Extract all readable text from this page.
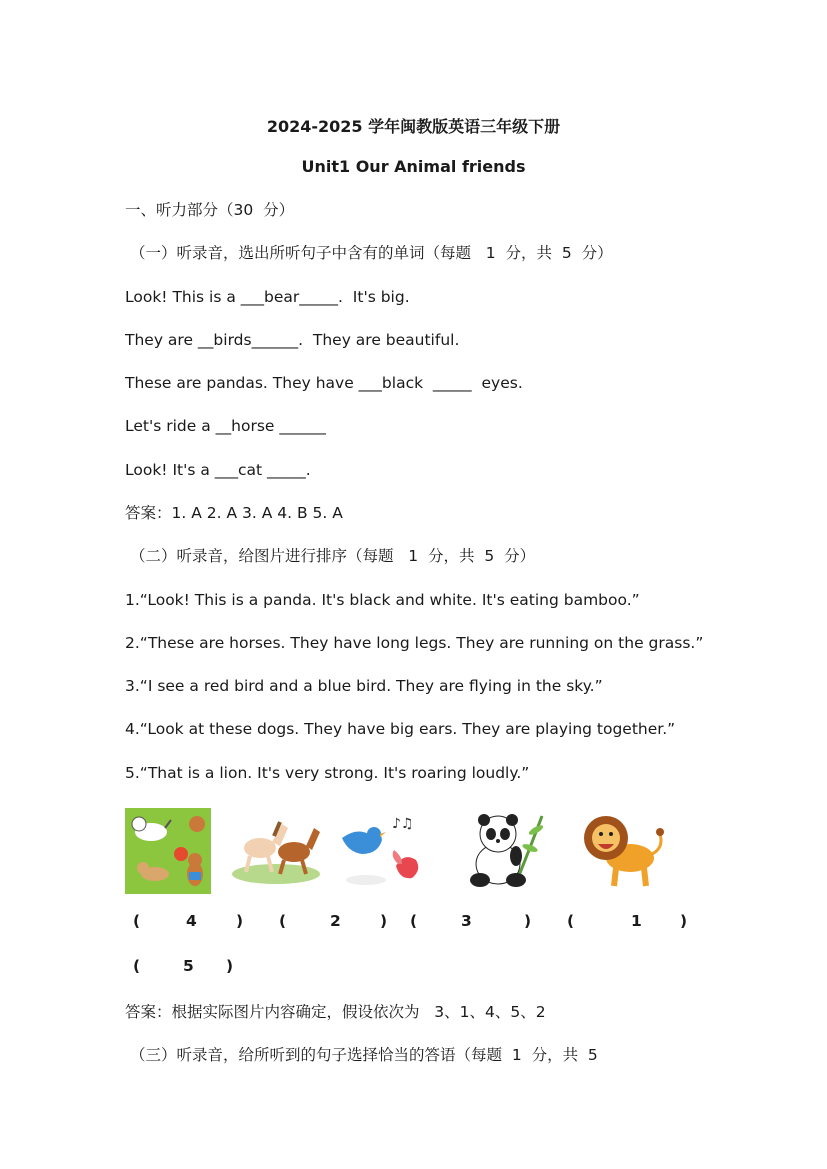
2024-2025 学年闽教版英语三年级下册
Unit1 Our Animal friends
一、听力部分（30  分）
（一）听录音，选出所听句子中含有的单词（每题   1  分，共  5  分）
Look! This is a ___bear_____.  It's big.
They are __birds______.  They are beautiful.
These are pandas. They have ___black  _____  eyes.
Let's ride a __horse ______
Look! It's a ___cat _____.
答案：1. A 2. A 3. A 4. B 5. A
（二）听录音，给图片进行排序（每题   1  分，共  5  分）
1.“Look! This is a panda. It's black and white. It's eating bamboo.”
2.“These are horses. They have long legs. They are running on the grass.”
3.“I see a red bird and a blue bird. They are flying in the sky.”
4.“Look at these dogs. They have big ears. They are playing together.”
5.“That is a lion. It's very strong. It's roaring loudly.”
♪♫
(	4	) (	2	) (	3	) (	1 )
(	5 )
答案：根据实际图片内容确定，假设依次为   3、1、4、5、2
（三）听录音，给所听到的句子选择恰当的答语（每题  1  分，共  5
